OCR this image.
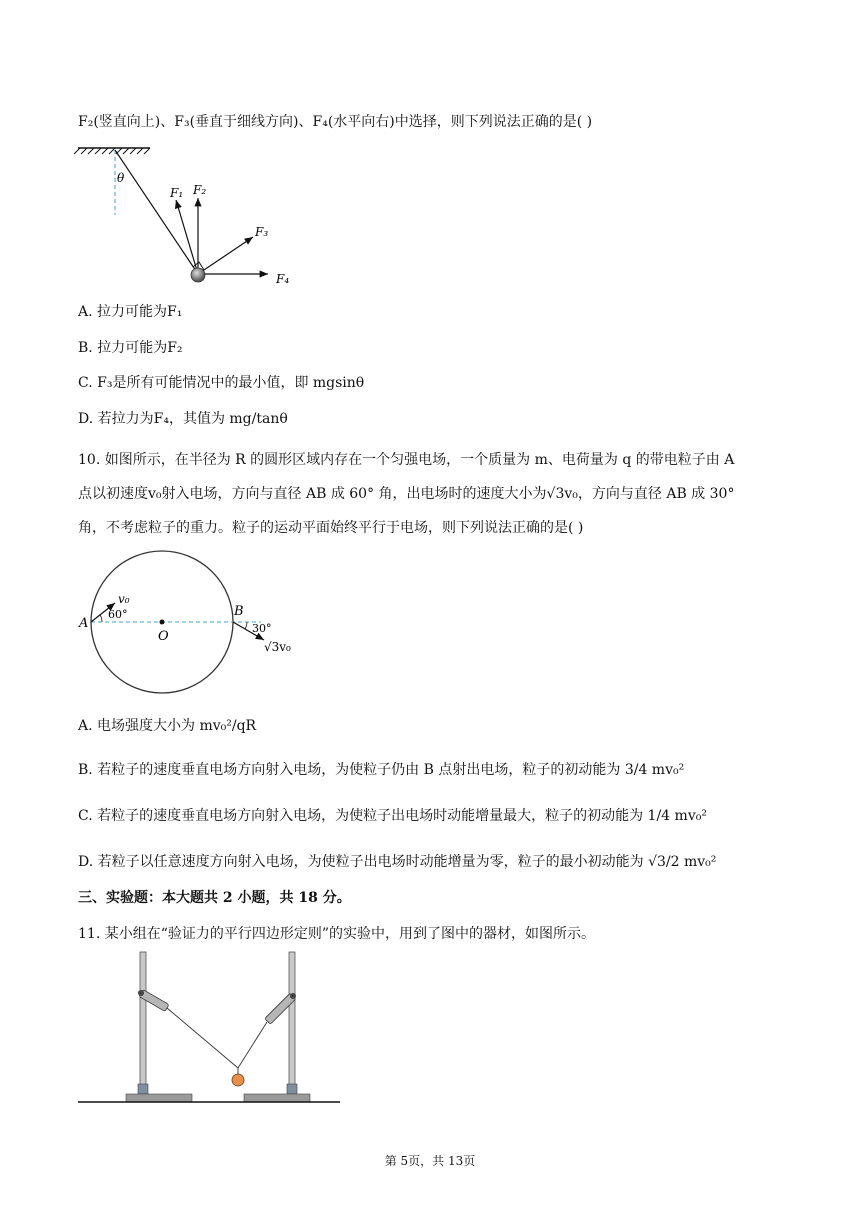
F₂(竖直向上)、F₃(垂直于细线方向)、F₄(水平向右)中选择，则下列说法正确的是( )
θ
F₁ F₂
F₃
F₄
A. 拉力可能为F₁
B. 拉力可能为F₂
C. F₃是所有可能情况中的最小值，即 mgsinθ
D. 若拉力为F₄，其值为 mg/tanθ
10. 如图所示，在半径为 R 的圆形区域内存在一个匀强电场，一个质量为 m、电荷量为 q 的带电粒子由 A
点以初速度v₀射入电场，方向与直径 AB 成 60° 角，出电场时的速度大小为√3v₀，方向与直径 AB 成 30°
角，不考虑粒子的重力。粒子的运动平面始终平行于电场，则下列说法正确的是( )
A
B
O
v₀
60°
30°
√3v₀
A. 电场强度大小为 mv₀²/qR
B. 若粒子的速度垂直电场方向射入电场，为使粒子仍由 B 点射出电场，粒子的初动能为 3/4 mv₀²
C. 若粒子的速度垂直电场方向射入电场，为使粒子出电场时动能增量最大，粒子的初动能为 1/4 mv₀²
D. 若粒子以任意速度方向射入电场，为使粒子出电场时动能增量为零，粒子的最小初动能为 √3/2 mv₀²
三、实验题：本大题共 2 小题，共 18 分。
11. 某小组在“验证力的平行四边形定则”的实验中，用到了图中的器材，如图所示。
第 5页，共 13页
